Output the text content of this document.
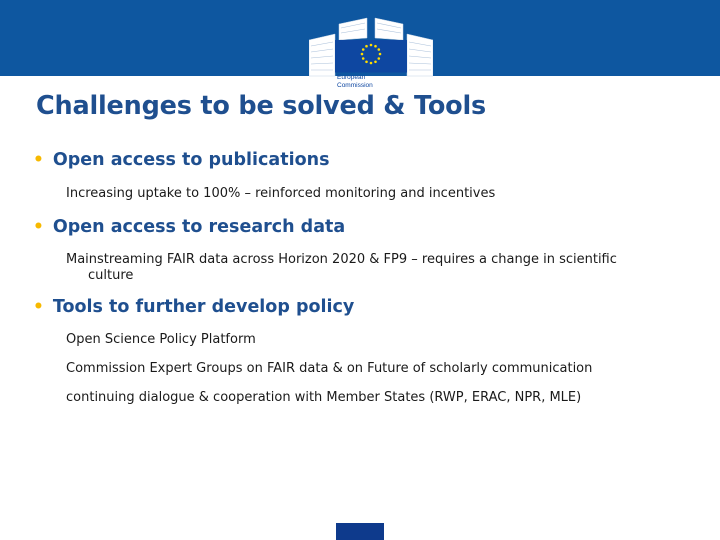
European
Commission
Challenges to be solved & Tools
• Open access to publications
Increasing uptake to 100% – reinforced monitoring and incentives
• Open access to research data
Mainstreaming FAIR data across Horizon 2020 & FP9 – requires a change in scientific
culture
• Tools to further develop policy
Open Science Policy Platform
Commission Expert Groups on FAIR data & on Future of scholarly communication
continuing dialogue & cooperation with Member States (RWP, ERAC, NPR, MLE)
